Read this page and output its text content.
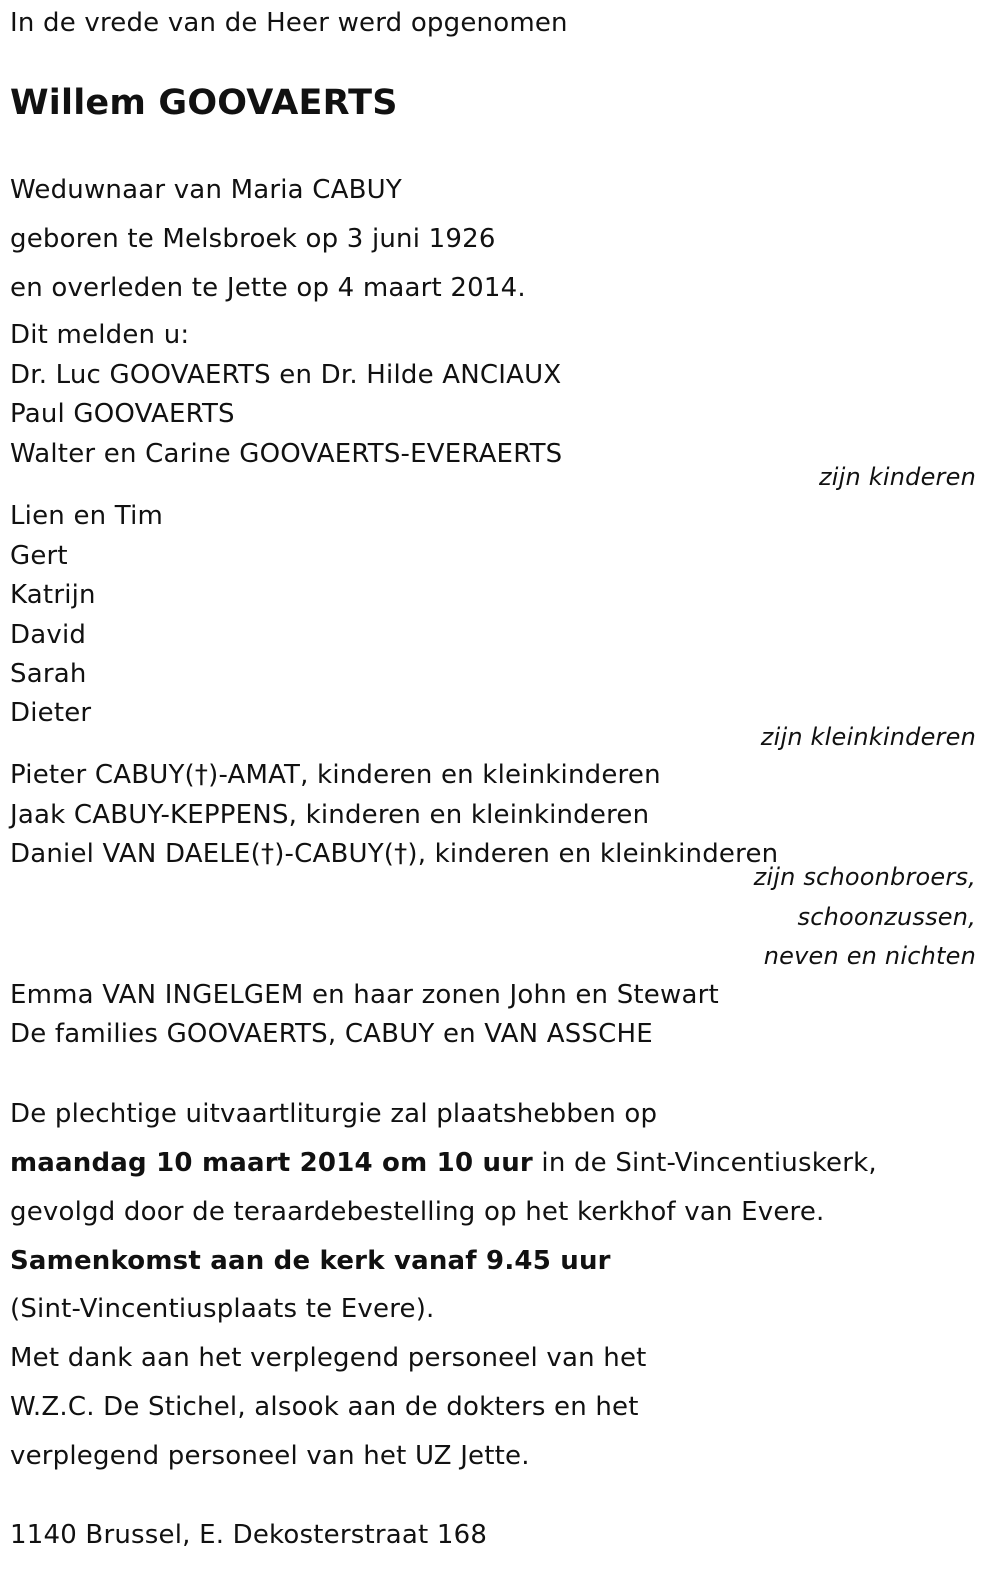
In de vrede van de Heer werd opgenomen
Willem GOOVAERTS
Weduwnaar van Maria CABUY
geboren te Melsbroek op 3 juni 1926
en overleden te Jette op 4 maart 2014.
Dit melden u:
Dr. Luc GOOVAERTS en Dr. Hilde ANCIAUX
Paul GOOVAERTS
Walter en Carine GOOVAERTS-EVERAERTS
zijn kinderen
Lien en Tim
Gert
Katrijn
David
Sarah
Dieter
zijn kleinkinderen
Pieter CABUY(†)-AMAT, kinderen en kleinkinderen
Jaak CABUY-KEPPENS, kinderen en kleinkinderen
Daniel VAN DAELE(†)-CABUY(†), kinderen en kleinkinderen
zijn schoonbroers,
schoonzussen,
neven en nichten
Emma VAN INGELGEM en haar zonen John en Stewart
De families GOOVAERTS, CABUY en VAN ASSCHE
De plechtige uitvaartliturgie zal plaatshebben op
maandag 10 maart 2014 om 10 uur in de Sint-Vincentiuskerk,
gevolgd door de teraardebestelling op het kerkhof van Evere.
Samenkomst aan de kerk vanaf 9.45 uur
(Sint-Vincentiusplaats te Evere).
Met dank aan het verplegend personeel van het
W.Z.C. De Stichel, alsook aan de dokters en het
verplegend personeel van het UZ Jette.
1140 Brussel, E. Dekosterstraat 168
